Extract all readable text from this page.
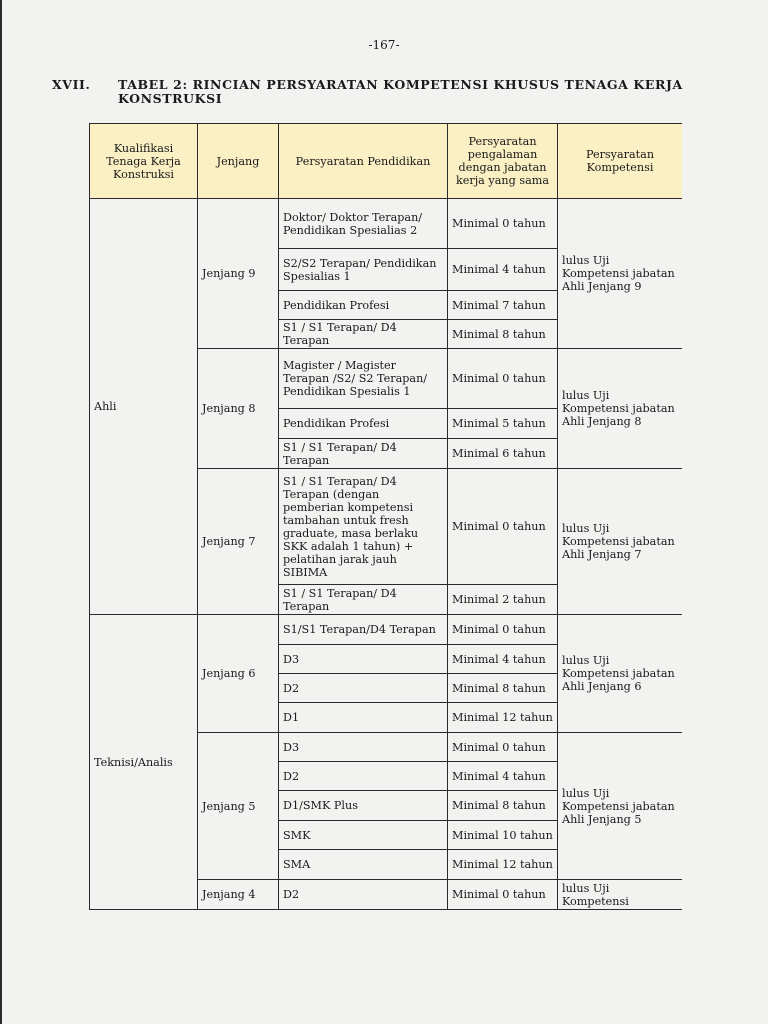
-167-
XVII. TABEL 2: RINCIAN PERSYARATAN KOMPETENSI KHUSUS TENAGA KERJA KONSTRUKSI
Kualifikasi Tenaga Kerja Konstruksi	Jenjang	Persyaratan Pendidikan	Persyaratan pengalaman dengan jabatan kerja yang sama	Persyaratan Kompetensi
Ahli	Jenjang 9	Doktor/ Doktor Terapan/ Pendidikan Spesialias 2	Minimal 0 tahun	lulus Uji Kompetensi jabatan Ahli Jenjang 9
		S2/S2 Terapan/ Pendidikan Spesialias 1	Minimal 4 tahun	
		Pendidikan Profesi	Minimal 7 tahun	
		S1 / S1 Terapan/ D4 Terapan	Minimal 8 tahun	
	Jenjang 8	Magister / Magister Terapan /S2/ S2 Terapan/ Pendidikan Spesialis 1	Minimal 0 tahun	lulus Uji Kompetensi jabatan Ahli Jenjang 8
		Pendidikan Profesi	Minimal 5 tahun	
		S1 / S1 Terapan/ D4 Terapan	Minimal 6 tahun	
	Jenjang 7	S1 / S1 Terapan/ D4 Terapan (dengan pemberian kompetensi tambahan untuk fresh graduate, masa berlaku SKK adalah 1 tahun) + pelatihan jarak jauh SIBIMA	Minimal 0 tahun	lulus Uji Kompetensi jabatan Ahli Jenjang 7
		S1 / S1 Terapan/ D4 Terapan	Minimal 2 tahun	
Teknisi/Analis	Jenjang 6	S1/S1 Terapan/D4 Terapan	Minimal 0 tahun	lulus Uji Kompetensi jabatan Ahli Jenjang 6
		D3	Minimal 4 tahun	
		D2	Minimal 8 tahun	
		D1	Minimal 12 tahun	
	Jenjang 5	D3	Minimal 0 tahun	lulus Uji Kompetensi jabatan Ahli Jenjang 5
		D2	Minimal 4 tahun	
		D1/SMK Plus	Minimal 8 tahun	
		SMK	Minimal 10 tahun	
		SMA	Minimal 12 tahun	
	Jenjang 4	D2	Minimal 0 tahun	lulus Uji Kompetensi
